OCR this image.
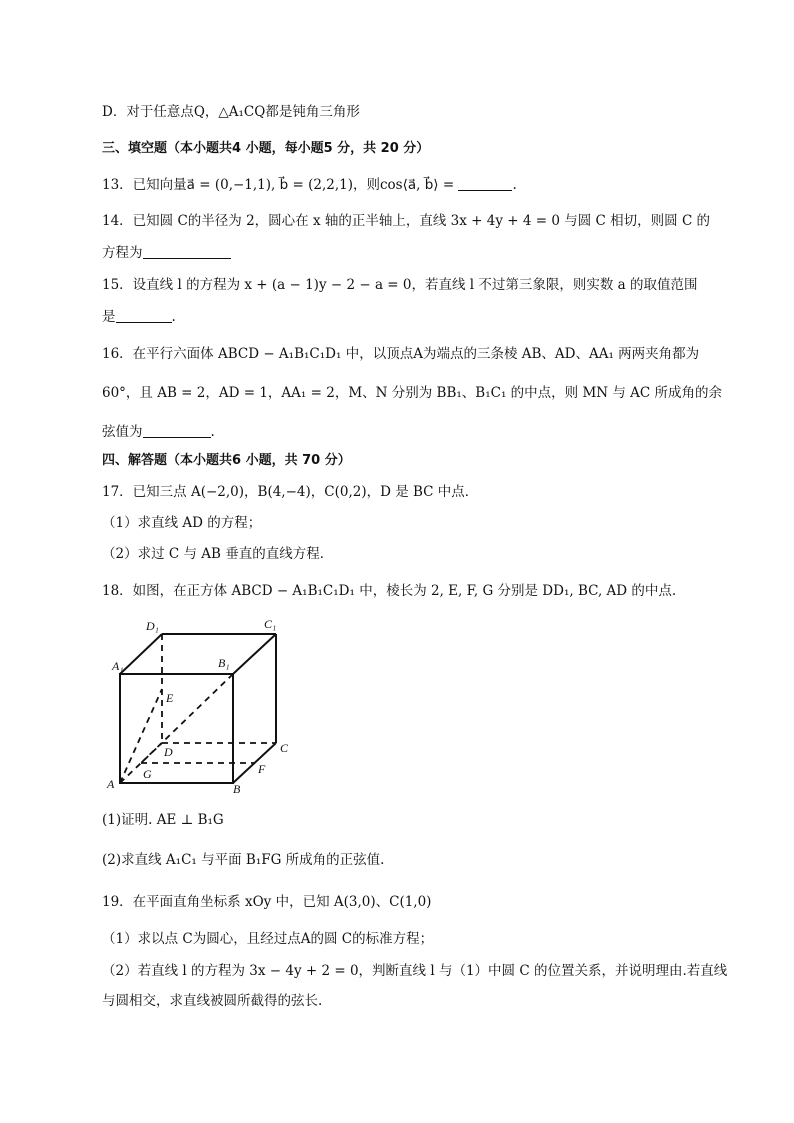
D．对于任意点Q，△A₁CQ都是钝角三角形
三、填空题（本小题共4 小题，每小题5 分，共 20 分）
13．已知向量a⃗ = (0,−1,1), b⃗ = (2,2,1)，则cos⟨a⃗, b⃗⟩ =	.
14．已知圆 C的半径为 2，圆心在 x 轴的正半轴上，直线 3x + 4y + 4 = 0 与圆 C 相切，则圆 C 的
方程为
15．设直线 l 的方程为 x + (a − 1)y − 2 − a = 0，若直线 l 不过第三象限，则实数 a 的取值范围
是	.
16．在平行六面体 ABCD − A₁B₁C₁D₁ 中，以顶点A为端点的三条棱 AB、AD、AA₁ 两两夹角都为
60°，且 AB = 2，AD = 1，AA₁ = 2，M、N 分别为 BB₁、B₁C₁ 的中点，则 MN 与 AC 所成角的余
弦值为	.
四、解答题（本小题共6 小题，共 70 分）
17．已知三点 A(−2,0)，B(4,−4)，C(0,2)，D 是 BC 中点．
（1）求直线 AD 的方程；
（2）求过 C 与 AB 垂直的直线方程．
18．如图，在正方体 ABCD − A₁B₁C₁D₁ 中，棱长为 2, E, F, G 分别是 DD₁, BC, AD 的中点.
D₁	C₁
A₁	B₁
E
D	C
A
G	F
B
(1)证明. AE ⊥ B₁G
(2)求直线 A₁C₁ 与平面 B₁FG 所成角的正弦值.
19．在平面直角坐标系 xOy 中，已知 A(3,0)、C(1,0)
（1）求以点 C为圆心，且经过点A的圆 C的标准方程；
（2）若直线 l 的方程为 3x − 4y + 2 = 0，判断直线 l 与（1）中圆 C 的位置关系，并说明理由.若直线
与圆相交，求直线被圆所截得的弦长.
